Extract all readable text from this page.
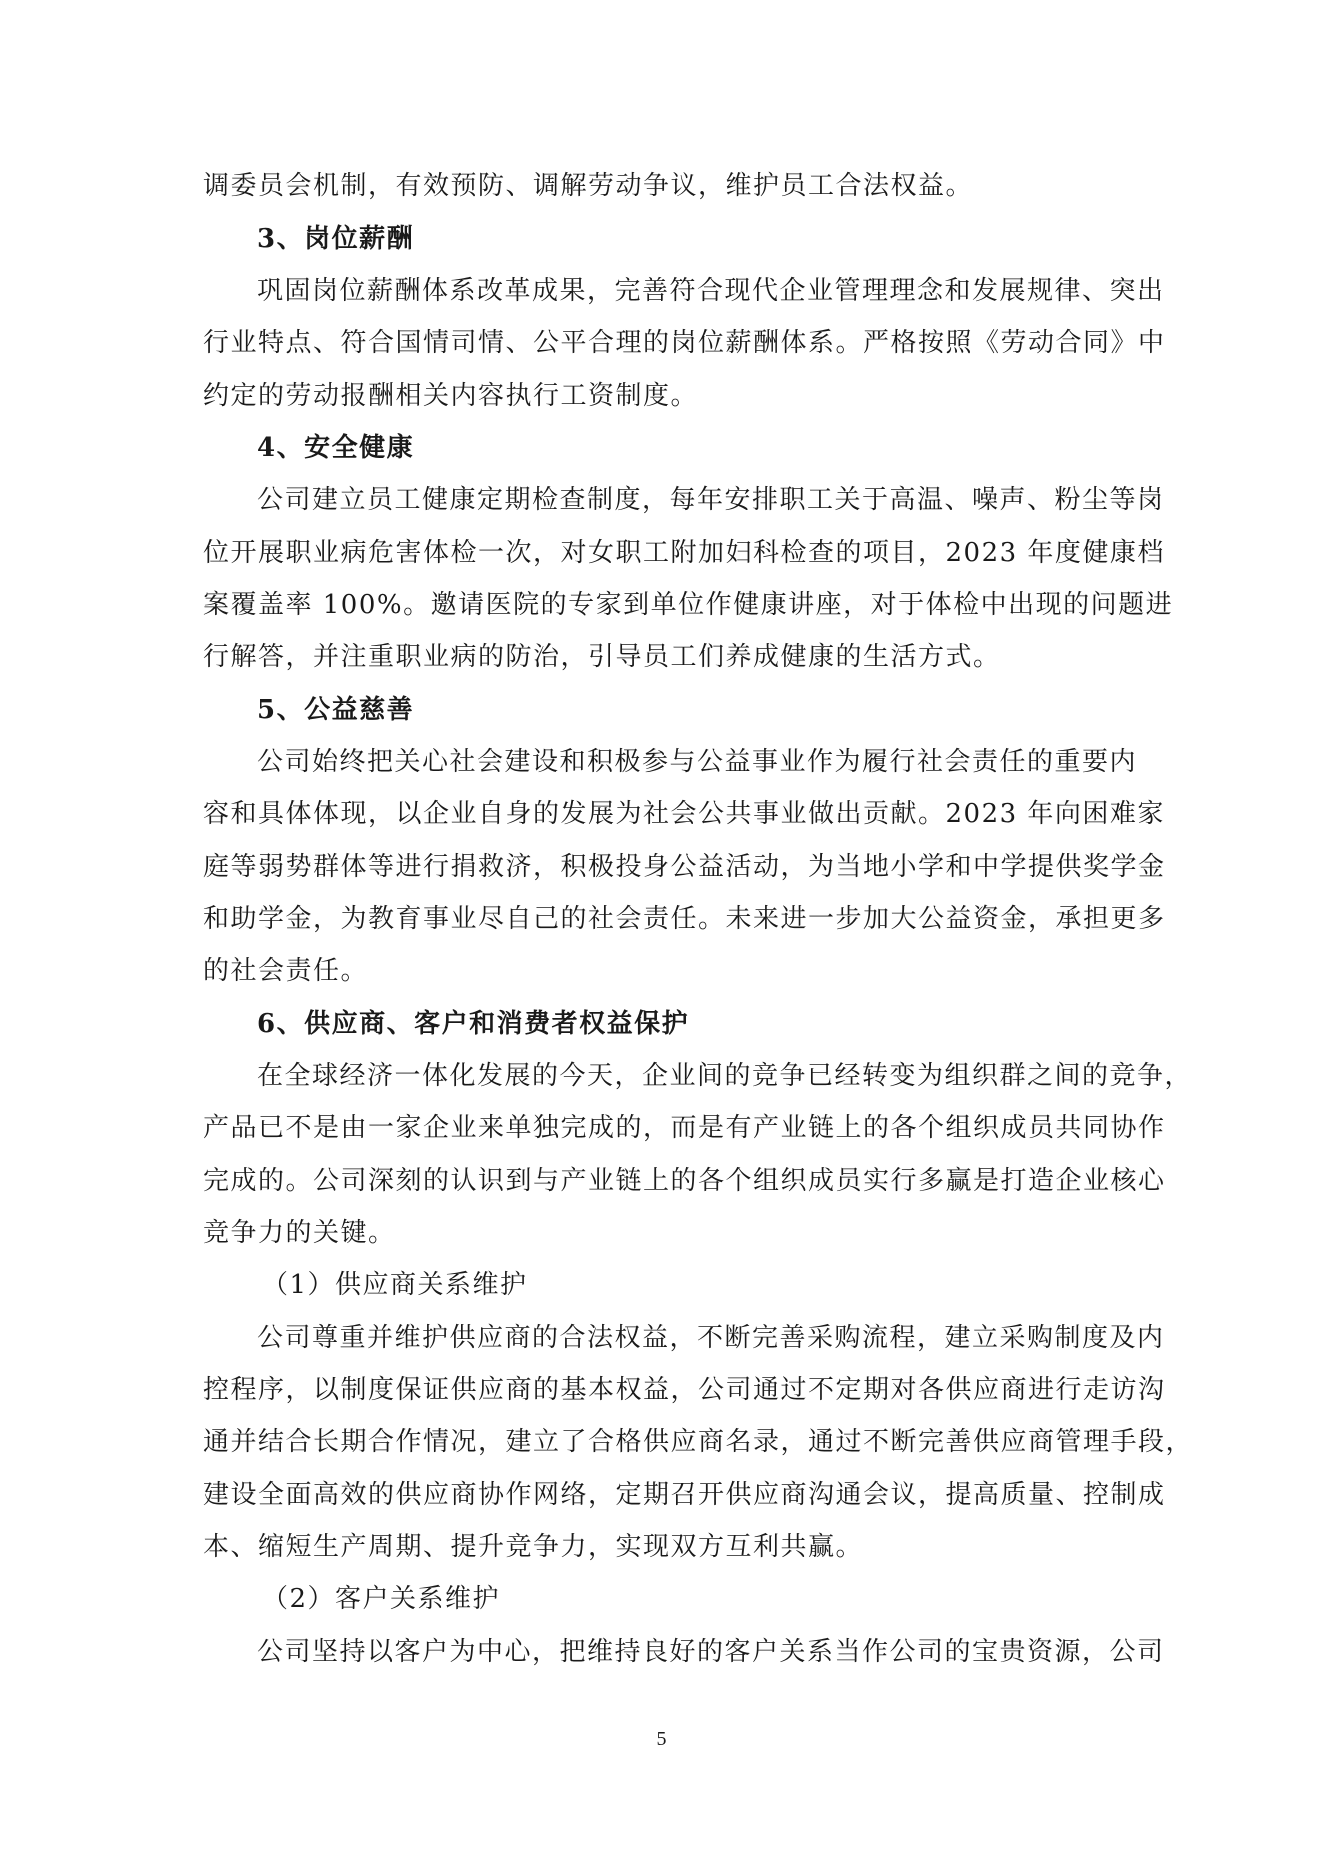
调委员会机制，有效预防、调解劳动争议，维护员工合法权益。
3、岗位薪酬
巩固岗位薪酬体系改革成果，完善符合现代企业管理理念和发展规律、突出
行业特点、符合国情司情、公平合理的岗位薪酬体系。严格按照《劳动合同》中
约定的劳动报酬相关内容执行工资制度。
4、安全健康
公司建立员工健康定期检查制度，每年安排职工关于高温、噪声、粉尘等岗
位开展职业病危害体检一次，对女职工附加妇科检查的项目，2023 年度健康档
案覆盖率 100%。邀请医院的专家到单位作健康讲座，对于体检中出现的问题进
行解答，并注重职业病的防治，引导员工们养成健康的生活方式。
5、公益慈善
公司始终把关心社会建设和积极参与公益事业作为履行社会责任的重要内
容和具体体现，以企业自身的发展为社会公共事业做出贡献。2023 年向困难家
庭等弱势群体等进行捐救济，积极投身公益活动，为当地小学和中学提供奖学金
和助学金，为教育事业尽自己的社会责任。未来进一步加大公益资金，承担更多
的社会责任。
6、供应商、客户和消费者权益保护
在全球经济一体化发展的今天，企业间的竞争已经转变为组织群之间的竞争，
产品已不是由一家企业来单独完成的，而是有产业链上的各个组织成员共同协作
完成的。公司深刻的认识到与产业链上的各个组织成员实行多赢是打造企业核心
竞争力的关键。
（1）供应商关系维护
公司尊重并维护供应商的合法权益，不断完善采购流程，建立采购制度及内
控程序，以制度保证供应商的基本权益，公司通过不定期对各供应商进行走访沟
通并结合长期合作情况，建立了合格供应商名录，通过不断完善供应商管理手段，
建设全面高效的供应商协作网络，定期召开供应商沟通会议，提高质量、控制成
本、缩短生产周期、提升竞争力，实现双方互利共赢。
（2）客户关系维护
公司坚持以客户为中心，把维持良好的客户关系当作公司的宝贵资源，公司
5
